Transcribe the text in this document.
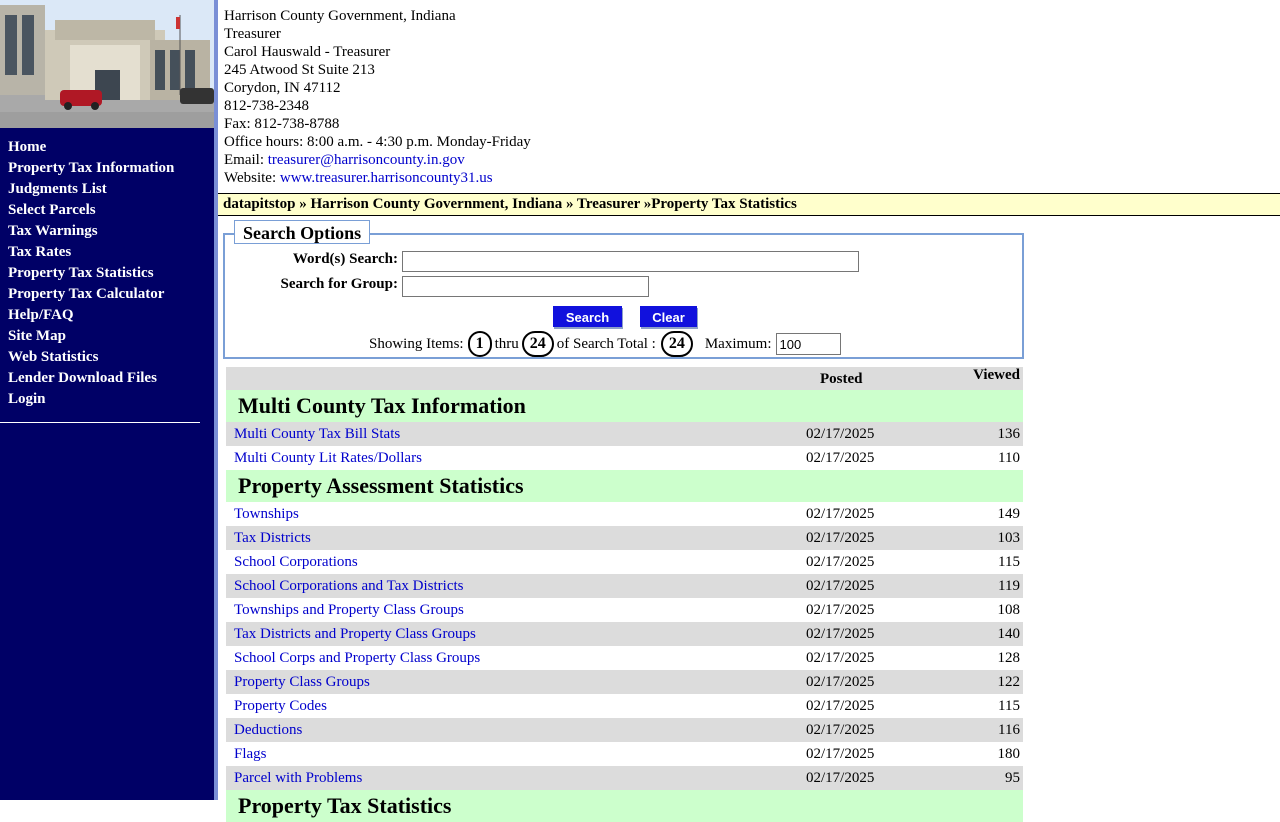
Home
Property Tax Information
Judgments List
Select Parcels
Tax Warnings
Tax Rates
Property Tax Statistics
Property Tax Calculator
Help/FAQ
Site Map
Web Statistics
Lender Download Files
Login
Harrison County Government, Indiana
Treasurer
Carol Hauswald - Treasurer
245 Atwood St Suite 213
Corydon, IN 47112
812-738-2348
Fax: 812-738-8788
Office hours: 8:00 a.m. - 4:30 p.m. Monday-Friday
Email: treasurer@harrisoncounty.in.gov
Website: www.treasurer.harrisoncounty31.us
datapitstop » Harrison County Government, Indiana » Treasurer »Property Tax Statistics
Search Options
Word(s) Search:
Search for Group:
Search	Clear
Showing Items: 1 thru 24 of Search Total : 24	Maximum:
100
Posted	Viewed
Multi County Tax Information
Multi County Tax Bill Stats	02/17/2025	136
Multi County Lit Rates/Dollars	02/17/2025	110
Property Assessment Statistics
Townships	02/17/2025	149
Tax Districts	02/17/2025	103
School Corporations	02/17/2025	115
School Corporations and Tax Districts	02/17/2025	119
Townships and Property Class Groups	02/17/2025	108
Tax Districts and Property Class Groups	02/17/2025	140
School Corps and Property Class Groups	02/17/2025	128
Property Class Groups	02/17/2025	122
Property Codes	02/17/2025	115
Deductions	02/17/2025	116
Flags	02/17/2025	180
Parcel with Problems	02/17/2025	95
Property Tax Statistics
